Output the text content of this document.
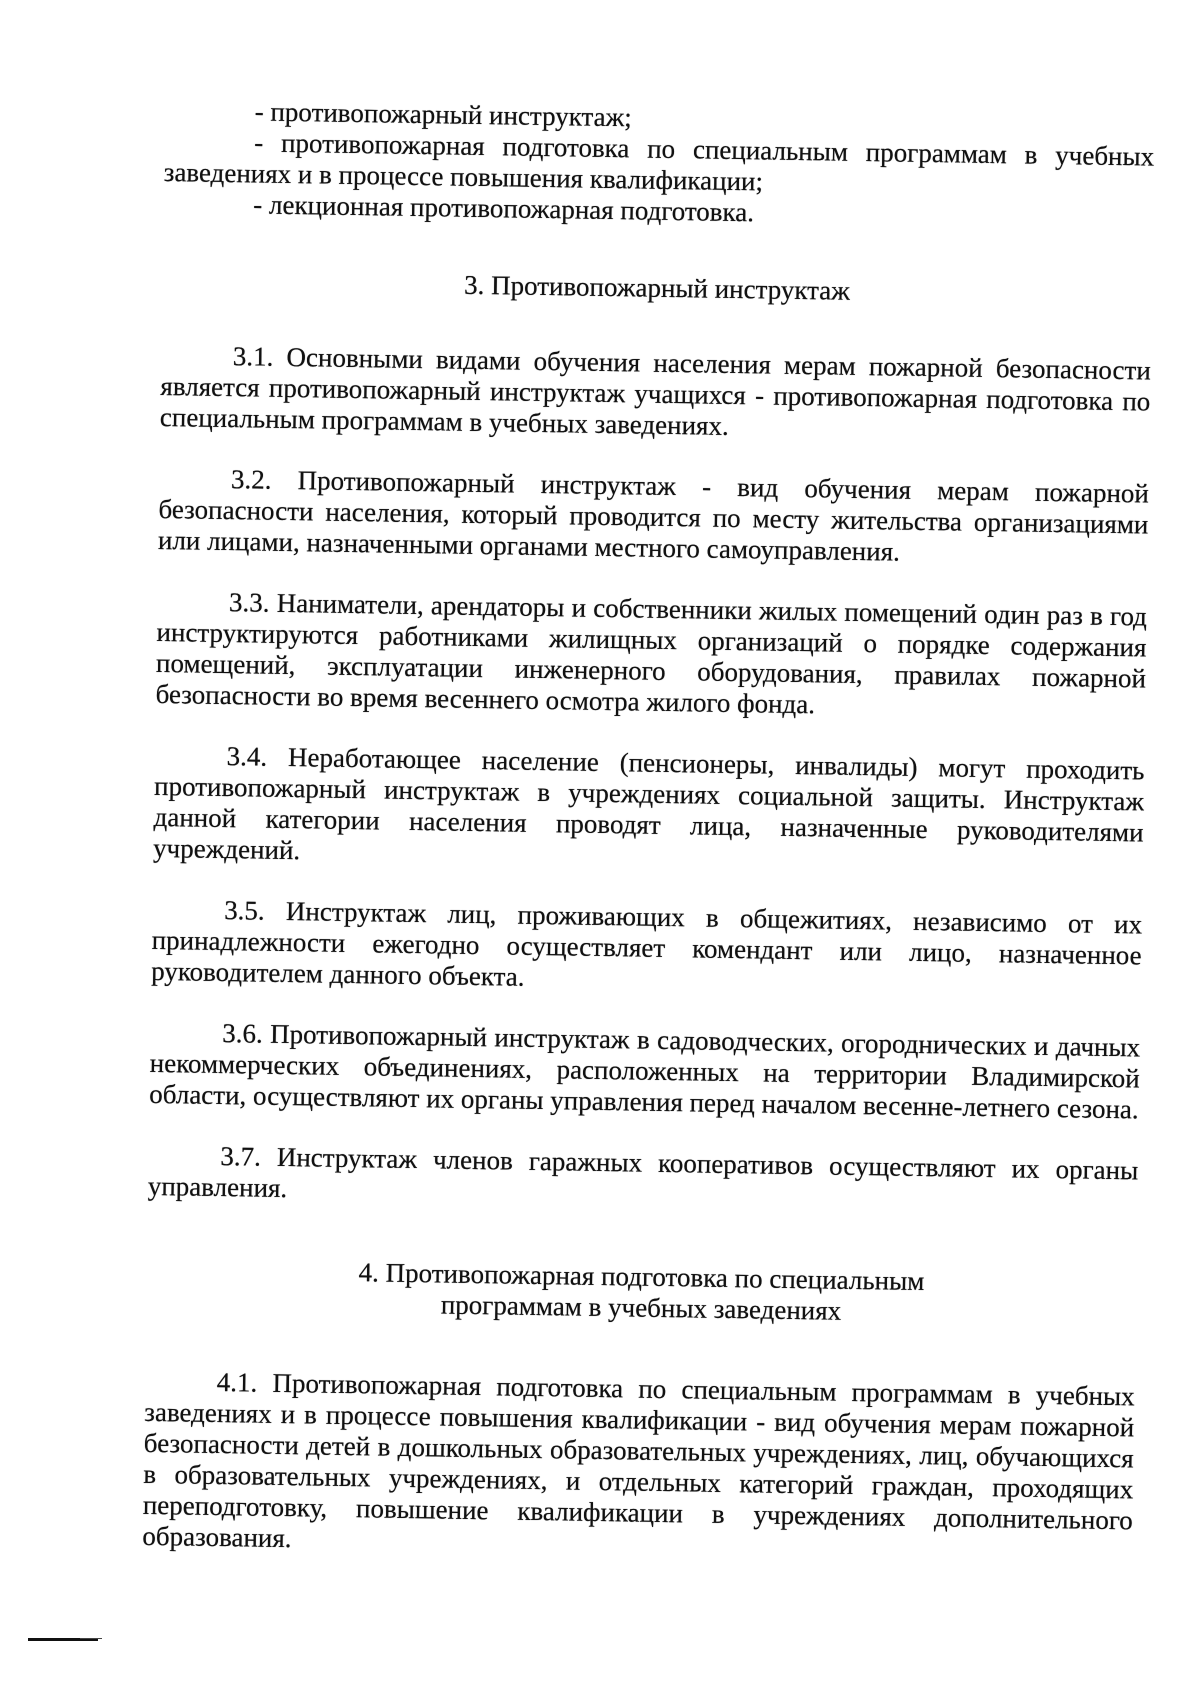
- противопожарный инструктаж;

- противопожарная подготовка по специальным программам в учебных заведениях и в процессе повышения квалификации;

- лекционная противопожарная подготовка.

3. Противопожарный инструктаж

3.1. Основными видами обучения населения мерам пожарной безопасности является противопожарный инструктаж учащихся - противопожарная подготовка по специальным программам в учебных заведениях.

3.2. Противопожарный инструктаж - вид обучения мерам пожарной безопасности населения, который проводится по месту жительства организациями или лицами, назначенными органами местного самоуправления.

3.3. Наниматели, арендаторы и собственники жилых помещений один раз в год инструктируются работниками жилищных организаций о порядке содержания помещений, эксплуатации инженерного оборудования, правилах пожарной безопасности во время весеннего осмотра жилого фонда.

3.4. Неработающее население (пенсионеры, инвалиды) могут проходить противопожарный инструктаж в учреждениях социальной защиты. Инструктаж данной категории населения проводят лица, назначенные руководителями учреждений.

3.5. Инструктаж лиц, проживающих в общежитиях, независимо от их принадлежности ежегодно осуществляет комендант или лицо, назначенное руководителем данного объекта.

3.6. Противопожарный инструктаж в садоводческих, огороднических и дачных некоммерческих объединениях, расположенных на территории Владимирской области, осуществляют их органы управления перед началом весенне-летнего сезона.

3.7. Инструктаж членов гаражных кооперативов осуществляют их органы управления.

4. Противопожарная подготовка по специальным

программам в учебных заведениях

4.1. Противопожарная подготовка по специальным программам в учебных заведениях и в процессе повышения квалификации - вид обучения мерам пожарной безопасности детей в дошкольных образовательных учреждениях, лиц, обучающихся в образовательных учреждениях, и отдельных категорий граждан, проходящих переподготовку, повышение квалификации в учреждениях дополнительного образования.
